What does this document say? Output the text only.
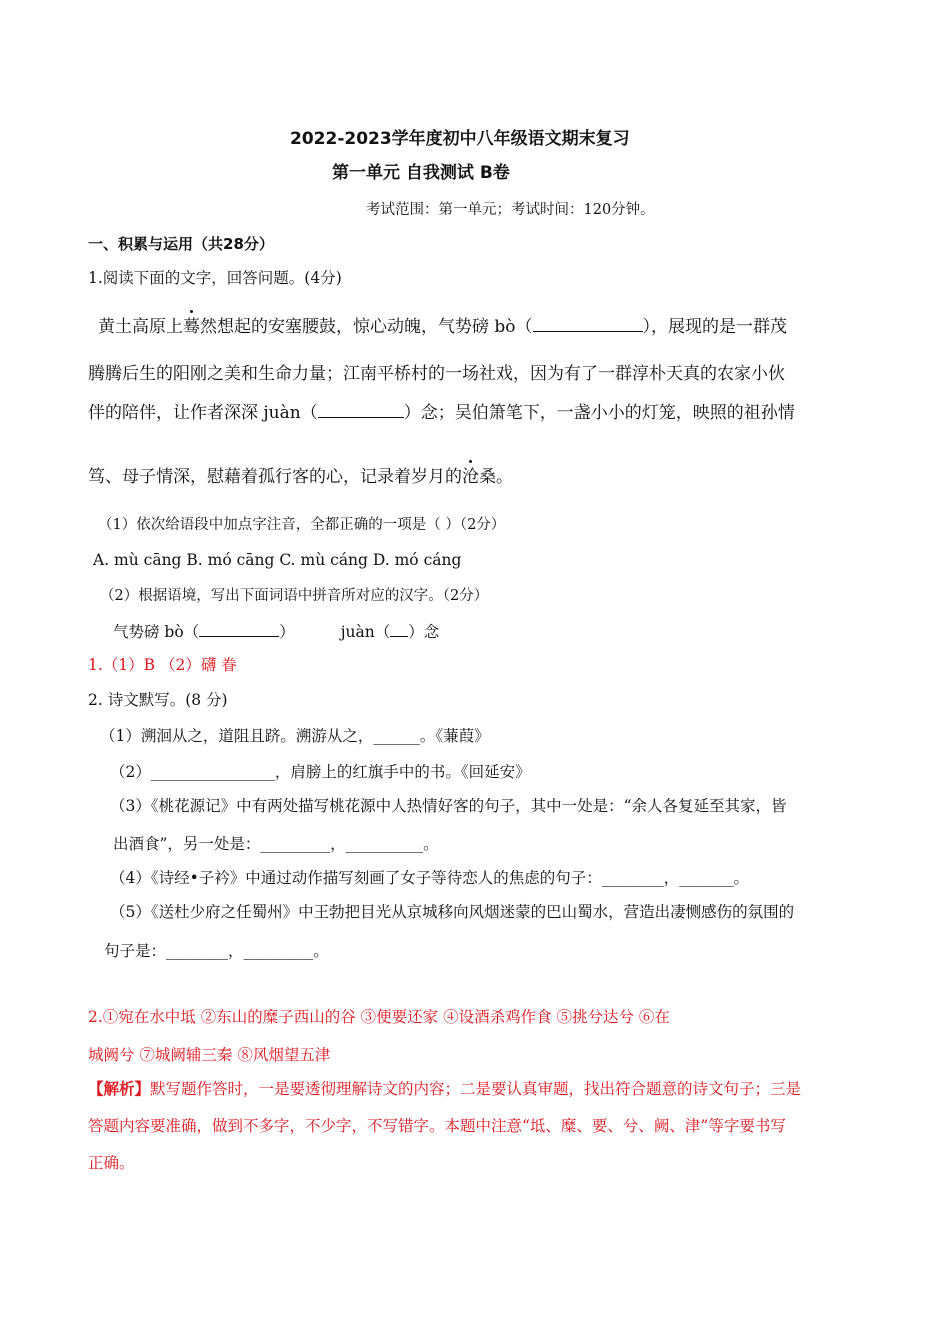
2022-2023学年度初中八年级语文期末复习
第一单元 自我测试 B卷
考试范围：第一单元；考试时间：120分钟。
一、积累与运用（共28分）
1.阅读下面的文字，回答问题。(4分)
黄土高原上蓦然想起的安塞腰鼓，惊心动魄，气势磅 bò（	），展现的是一群茂
腾腾后生的阳刚之美和生命力量；江南平桥村的一场社戏，因为有了一群淳朴天真的农家小伙
伴的陪伴，让作者深深 juàn（	）念；吴伯箫笔下，一盏小小的灯笼，映照的祖孙情
笃、母子情深，慰藉着孤行客的心，记录着岁月的沧桑。
（1）依次给语段中加点字注音，全都正确的一项是（ ）（2分）
A. mù cāng B. mó cāng C. mù cáng D. mó cáng
（2）根据语境，写出下面词语中拼音所对应的汉字。（2分）
气势磅 bò（	）	juàn（ ）念
1.（1）B （2）礴 眷
2. 诗文默写。(8 分)
（1）溯洄从之，道阻且跻。溯游从之，______。《蒹葭》
（2）________________，肩膀上的红旗手中的书。《回延安》
（3）《桃花源记》中有两处描写桃花源中人热情好客的句子，其中一处是：“余人各复延至其家，皆
出酒食”，另一处是：_________，__________。
（4）《诗经•子衿》中通过动作描写刻画了女子等待恋人的焦虑的句子：________，_______。
（5）《送杜少府之任蜀州》中王勃把目光从京城移向风烟迷蒙的巴山蜀水，营造出凄恻感伤的氛围的
句子是：________，_________。
2.①宛在水中坻 ②东山的糜子西山的谷 ③便要还家 ④设酒杀鸡作食 ⑤挑兮达兮 ⑥在
城阙兮 ⑦城阙辅三秦 ⑧风烟望五津
【解析】默写题作答时，一是要透彻理解诗文的内容；二是要认真审题，找出符合题意的诗文句子；三是
答题内容要准确，做到不多字，不少字，不写错字。本题中注意“坻、糜、要、兮、阙、津”等字要书写
正确。
